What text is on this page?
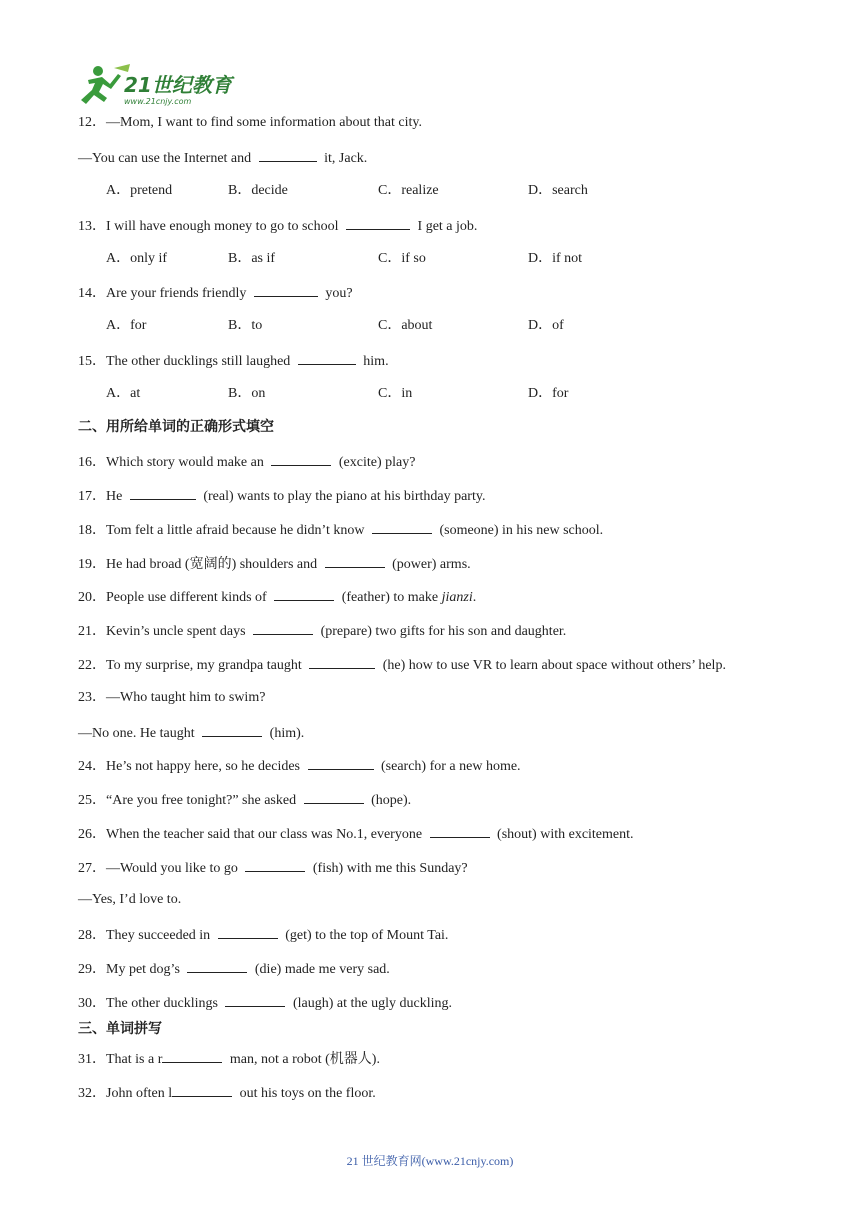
21世纪教育
www.21cnjy.com
12．—Mom, I want to find some information about that city.
—You can use the Internet and	it, Jack.
A．pretend	B．decide	C．realize	D．search
13．I will have enough money to go to school	I get a job.
A．only if	B．as if	C．if so	D．if not
14．Are your friends friendly	you?
A．for	B．to	C．about	D．of
15．The other ducklings still laughed	him.
A．at	B．on	C．in	D．for
二、用所给单词的正确形式填空
16．Which story would make an	(excite) play?
17．He	(real) wants to play the piano at his birthday party.
18．Tom felt a little afraid because he didn’t know	(someone) in his new school.
19．He had broad (宽阔的) shoulders and	(power) arms.
20．People use different kinds of	(feather) to make jianzi.
21．Kevin’s uncle spent days	(prepare) two gifts for his son and daughter.
22．To my surprise, my grandpa taught	(he) how to use VR to learn about space without others’ help.
23．—Who taught him to swim?
—No one. He taught	(him).
24．He’s not happy here, so he decides	(search) for a new home.
25．“Are you free tonight?” she asked	(hope).
26．When the teacher said that our class was No.1, everyone	(shout) with excitement.
27．—Would you like to go	(fish) with me this Sunday?
—Yes, I’d love to.
28．They succeeded in	(get) to the top of Mount Tai.
29．My pet dog’s	(die) made me very sad.
30．The other ducklings	(laugh) at the ugly duckling.
三、单词拼写
31．That is a r	man, not a robot (机器人).
32．John often l	out his toys on the floor.
21 世纪教育网(www.21cnjy.com)
